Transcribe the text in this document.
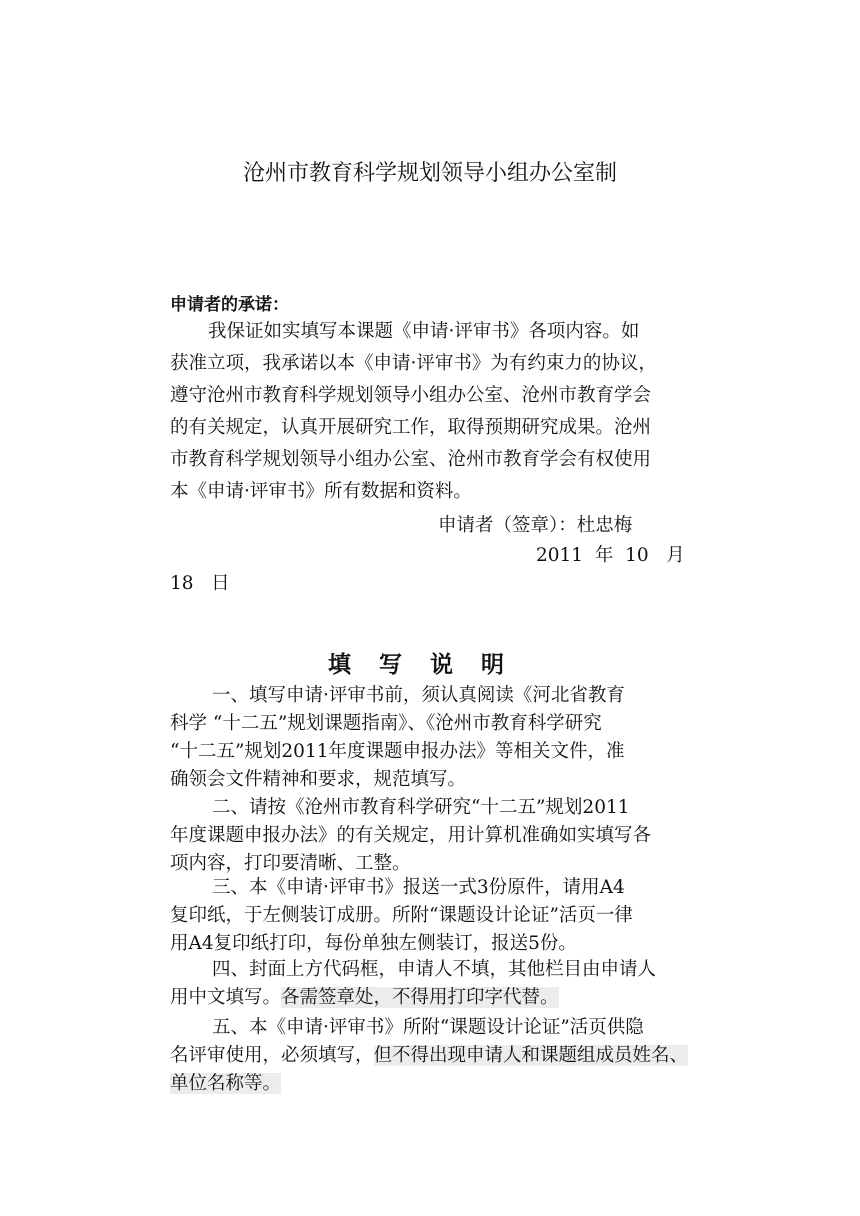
沧州市教育科学规划领导小组办公室制
申请者的承诺：
我保证如实填写本课题《申请·评审书》各项内容。如
获准立项，我承诺以本《申请·评审书》为有约束力的协议，
遵守沧州市教育科学规划领导小组办公室、沧州市教育学会
的有关规定，认真开展研究工作，取得预期研究成果。沧州
市教育科学规划领导小组办公室、沧州市教育学会有权使用
本《申请·评审书》所有数据和资料。
申请者（签章）：杜忠梅
2011  年  10   月
18   日
填写说明
一、填写申请·评审书前，须认真阅读《河北省教育
科学 “十二五”规划课题指南》、《沧州市教育科学研究
“十二五”规划2011年度课题申报办法》等相关文件，准
确领会文件精神和要求，规范填写。
二、请按《沧州市教育科学研究“十二五”规划2011
年度课题申报办法》的有关规定，用计算机准确如实填写各
项内容，打印要清晰、工整。
三、本《申请·评审书》报送一式3份原件，请用A4
复印纸，于左侧装订成册。所附“课题设计论证”活页一律
用A4复印纸打印，每份单独左侧装订，报送5份。
四、封面上方代码框，申请人不填，其他栏目由申请人
用中文填写。各需签章处，不得用打印字代替。
五、本《申请·评审书》所附“课题设计论证”活页供隐
名评审使用，必须填写，但不得出现申请人和课题组成员姓名、
单位名称等。
